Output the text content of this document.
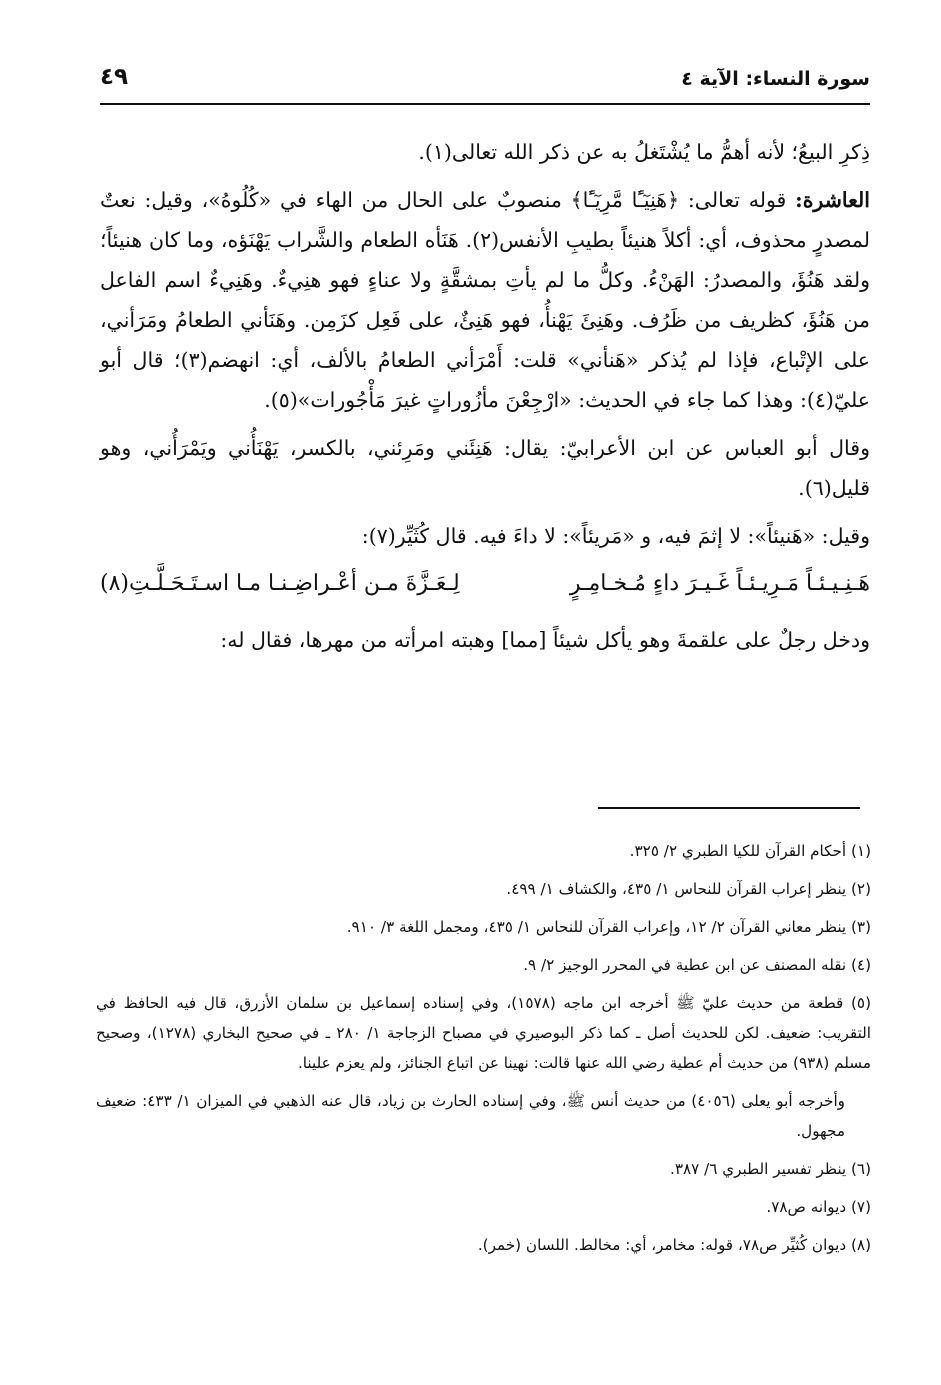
سورة النساء: الآية ٤
٤٩

ذِكرِ البيعُ؛ لأنه أهمُّ ما يُشْتَغلُ به عن ذكر الله تعالى(١).

العاشرة: قوله تعالى: ﴿هَنِيٓـًٔا مَّرِيٓـًٔا﴾ منصوبٌ على الحال من الهاء في «كُلُوهُ»، وقيل: نعتٌ لمصدرٍ محذوف، أي: أكلاً هنيئاً بطيبِ الأنفس(٢). هَنَأه الطعام والشَّراب يَهْنَؤه، وما كان هنيئاً؛ ولقد هَنُؤَ، والمصدرُ: الهَنْءُ. وكلُّ ما لم يأتِ بمشقَّةٍ ولا عناءٍ فهو هنِيءٌ. وهَنِيءٌ اسم الفاعل من هَنُؤَ، كظريف من ظَرُف. وهَنِئَ يَهْنأُ، فهو هَنِئٌ، على فَعِل كزَمِن. وهَنَأني الطعامُ ومَرَأني، على الإتْباع، فإذا لم يُذكر «هَنأني» قلت: أَمْرَأني الطعامُ بالألف، أي: انهضم(٣)؛ قال أبو عليّ(٤): وهذا كما جاء في الحديث: «ارْجِعْنَ مأزُوراتٍ غيرَ مَأْجُورات»(٥).

وقال أبو العباس عن ابن الأعرابيّ: يقال: هَنِئَني ومَرِئني، بالكسر، يَهْنَأُني ويَمْرَأُني، وهو قليل(٦).

وقيل: «هَنيئاً»: لا إثمَ فيه، و «مَريئاً»: لا داءَ فيه. قال كُثَيِّر(٧):

هَـنِـيـئـاً مَـرِيـئـاً غَـيـرَ داءٍ مُـخـامِـرٍ
لِـعَـزَّةَ مـن أعْـراضِـنـا مـا اسـتَـحَـلَّـتِ(٨)

ودخل رجلٌ على علقمةَ وهو يأكل شيئاً [مما] وهبته امرأته من مهرها، فقال له:

(١) أحكام القرآن للكيا الطبري ٢/ ٣٢٥.
(٢) ينظر إعراب القرآن للنحاس ١/ ٤٣٥، والكشاف ١/ ٤٩٩.
(٣) ينظر معاني القرآن ٢/ ١٢، وإعراب القرآن للنحاس ١/ ٤٣٥، ومجمل اللغة ٣/ ٩١٠.
(٤) نقله المصنف عن ابن عطية في المحرر الوجيز ٢/ ٩.
(٥) قطعة من حديث عليّ ﷺ أخرجه ابن ماجه (١٥٧٨)، وفي إسناده إسماعيل بن سلمان الأزرق، قال فيه الحافظ في التقريب: ضعيف. لكن للحديث أصل ـ كما ذكر البوصيري في مصباح الزجاجة ١/ ٢٨٠ ـ في صحيح البخاري (١٢٧٨)، وصحيح مسلم (٩٣٨) من حديث أم عطية رضي الله عنها قالت: نهينا عن اتباع الجنائز، ولم يعزم علينا.
وأخرجه أبو يعلى (٤٠٥٦) من حديث أنس ﷺ، وفي إسناده الحارث بن زياد، قال عنه الذهبي في الميزان ١/ ٤٣٣: ضعيف مجهول.
(٦) ينظر تفسير الطبري ٦/ ٣٨٧.
(٧) ديوانه ص٧٨.
(٨) ديوان كُثيِّر ص٧٨، قوله: مخامر، أي: مخالط. اللسان (خمر).
